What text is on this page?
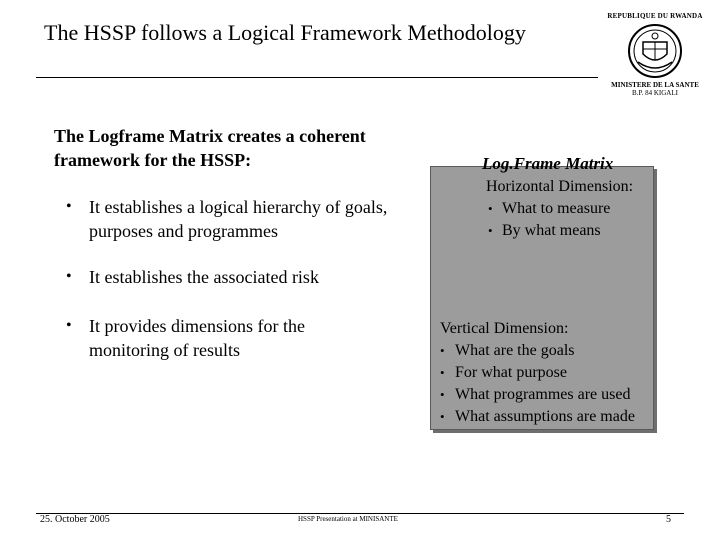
The HSSP follows a Logical Framework Methodology
REPUBLIQUE DU RWANDA
MINISTERE DE LA SANTE
B.P. 84 KIGALI
The Logframe Matrix creates a coherent framework for the HSSP:
• It establishes a logical hierarchy of goals, purposes and programmes
• It establishes the associated risk
• It provides dimensions for the monitoring of results
Log.Frame Matrix
Horizontal Dimension:
• What to measure
• By what means
Vertical Dimension:
• What are the goals
• For what purpose
• What programmes are used
• What assumptions are made
25. October 2005	HSSP Presentation at MINISANTE	5
